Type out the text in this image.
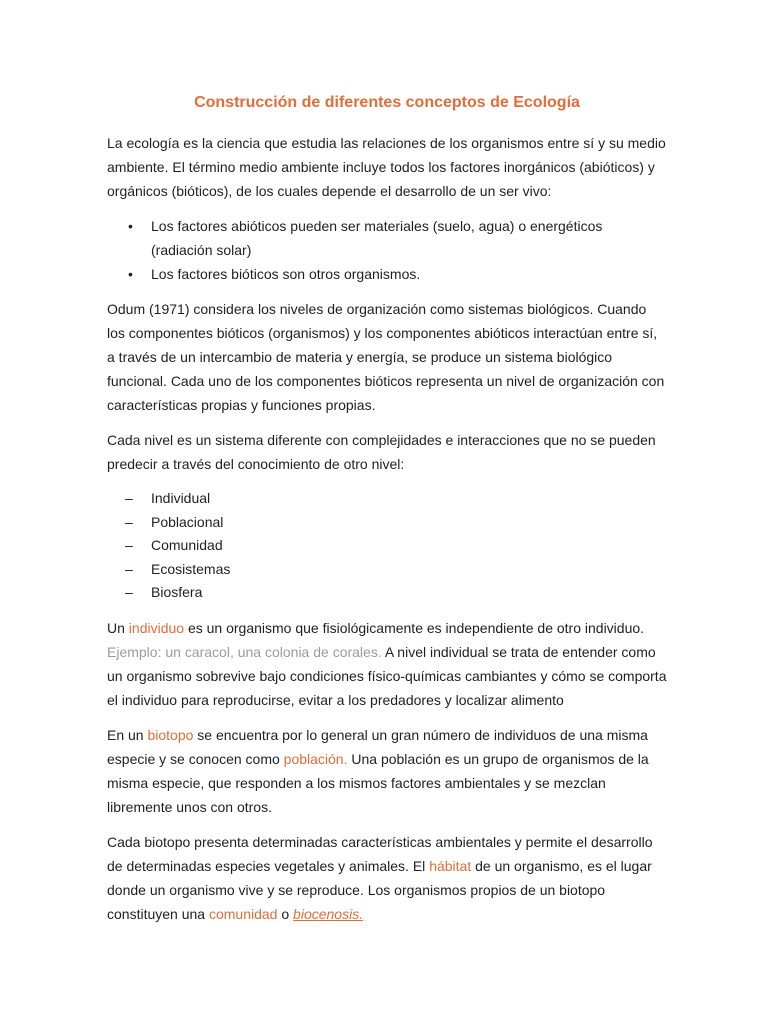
Construcción de diferentes conceptos de Ecología

La ecología es la ciencia que estudia las relaciones de los organismos entre sí y su medio ambiente. El término medio ambiente incluye todos los factores inorgánicos (abióticos) y orgánicos (bióticos), de los cuales depende el desarrollo de un ser vivo:

• Los factores abióticos pueden ser materiales (suelo, agua) o energéticos (radiación solar)
• Los factores bióticos son otros organismos.

Odum (1971) considera los niveles de organización como sistemas biológicos. Cuando los componentes bióticos (organismos) y los componentes abióticos interactúan entre sí, a través de un intercambio de materia y energía, se produce un sistema biológico funcional. Cada uno de los componentes bióticos representa un nivel de organización con características propias y funciones propias.

Cada nivel es un sistema diferente con complejidades e interacciones que no se pueden predecir a través del conocimiento de otro nivel:

– Individual
– Poblacional
– Comunidad
– Ecosistemas
– Biosfera

Un individuo es un organismo que fisiológicamente es independiente de otro individuo. Ejemplo: un caracol, una colonia de corales. A nivel individual se trata de entender como un organismo sobrevive bajo condiciones físico-químicas cambiantes y cómo se comporta el individuo para reproducirse, evitar a los predadores y localizar alimento

En un biotopo se encuentra por lo general un gran número de individuos de una misma especie y se conocen como población. Una población es un grupo de organismos de la misma especie, que responden a los mismos factores ambientales y se mezclan libremente unos con otros.

Cada biotopo presenta determinadas características ambientales y permite el desarrollo de determinadas especies vegetales y animales. El hábitat de un organismo, es el lugar donde un organismo vive y se reproduce. Los organismos propios de un biotopo constituyen una comunidad o biocenosis.
